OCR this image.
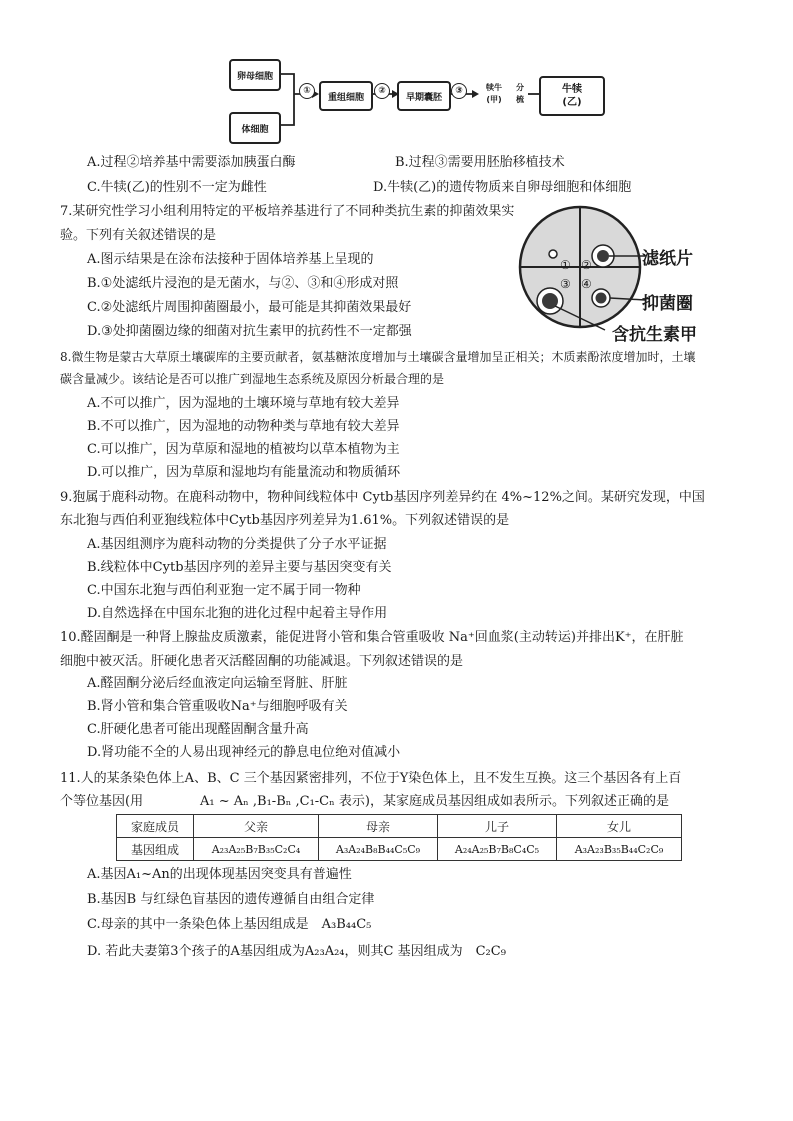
卵母细胞
体细胞
①
重组细胞
②
早期囊胚
③	犊牛
(甲)
分
梳
牛犊
(乙)
A.过程②培养基中需要添加胰蛋白酶	B.过程③需要用胚胎移植技术
C.牛犊(乙)的性别不一定为雌性	D.牛犊(乙)的遗传物质来自卵母细胞和体细胞
7.某研究性学习小组利用特定的平板培养基进行了不同种类抗生素的抑菌效果实
验。下列有关叙述错误的是
A.图示结果是在涂布法接种于固体培养基上呈现的
B.①处滤纸片浸泡的是无菌水，与②、③和④形成对照
C.②处滤纸片周围抑菌圈最小，最可能是其抑菌效果最好
D.③处抑菌圈边缘的细菌对抗生素甲的抗药性不一定都强
① ②
③ ④
滤纸片
抑菌圈
含抗生素甲
8.微生物是蒙古大草原土壤碳库的主要贡献者，氨基糖浓度增加与土壤碳含量增加呈正相关；木质素酚浓度增加时，土壤
碳含量减少。该结论是否可以推广到湿地生态系统及原因分析最合理的是
A.不可以推广，因为湿地的土壤环境与草地有较大差异
B.不可以推广，因为湿地的动物种类与草地有较大差异
C.可以推广，因为草原和湿地的植被均以草本植物为主
D.可以推广，因为草原和湿地均有能量流动和物质循环
9.狍属于鹿科动物。在鹿科动物中，物种间线粒体中 Cytb基因序列差异约在 4%~12%之间。某研究发现，中国
东北狍与西伯利亚狍线粒体中Cytb基因序列差异为1.61%。下列叙述错误的是
A.基因组测序为鹿科动物的分类提供了分子水平证据
B.线粒体中Cytb基因序列的差异主要与基因突变有关
C.中国东北狍与西伯利亚狍一定不属于同一物种
D.自然选择在中国东北狍的进化过程中起着主导作用
10.醛固酮是一种肾上腺盐皮质激素，能促进肾小管和集合管重吸收 Na⁺回血浆(主动转运)并排出K⁺，在肝脏
细胞中被灭活。肝硬化患者灭活醛固酮的功能减退。下列叙述错误的是
A.醛固酮分泌后经血液定向运输至肾脏、肝脏
B.肾小管和集合管重吸收Na⁺与细胞呼吸有关
C.肝硬化患者可能出现醛固酮含量升高
D.肾功能不全的人易出现神经元的静息电位绝对值减小
11.人的某条染色体上A、B、C 三个基因紧密排列，不位于Y染色体上，且不发生互换。这三个基因各有上百
个等位基因(用	A₁ ~ Aₙ ,B₁-Bₙ ,C₁-Cₙ 表示)，某家庭成员基因组成如表所示。下列叙述正确的是
家庭成员	父亲	母亲	儿子	女儿
基因组成	A₂₃A₂₅B₇B₃₅C₂C₄	A₃A₂₄B₈B₄₄C₅C₉	A₂₄A₂₅B₇B₈C₄C₅	A₃A₂₃B₃₅B₄₄C₂C₉
A.基因A₁~An的出现体现基因突变具有普遍性
B.基因B 与红绿色盲基因的遗传遵循自由组合定律
C.母亲的其中一条染色体上基因组成是　A₃B₄₄C₅
D. 若此夫妻第3个孩子的A基因组成为A₂₃A₂₄，则其C 基因组成为　C₂C₉
